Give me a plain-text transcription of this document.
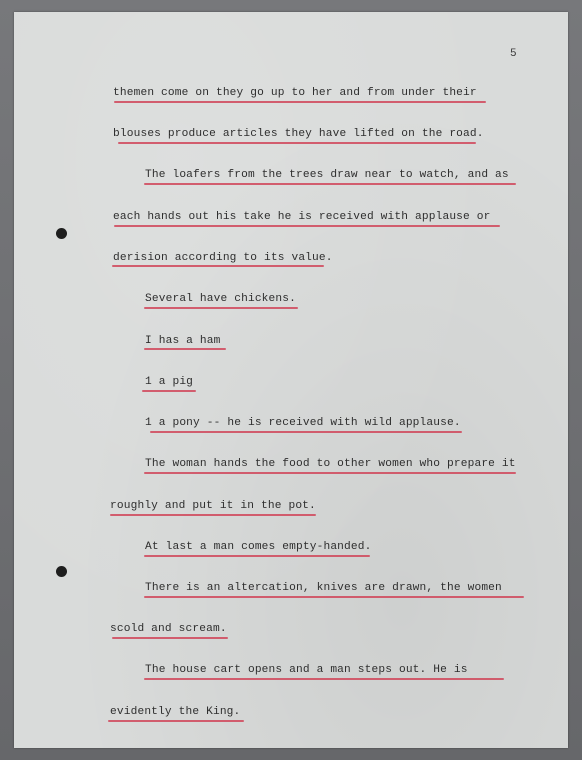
5
themen come on they go up to her and from under their
blouses produce articles they have lifted on the road.
The loafers from the trees draw near to watch, and as
each hands out his take he is received with applause or
derision according to its value.
Several have chickens.
I has a ham
1 a pig
1 a pony -- he is received with wild applause.
The woman hands the food to other women who prepare it
roughly and put it in the pot.
At last a man comes empty-handed.
There is an altercation, knives are drawn, the women
scold and scream.
The house cart opens and a man steps out. He is
evidently the King.
